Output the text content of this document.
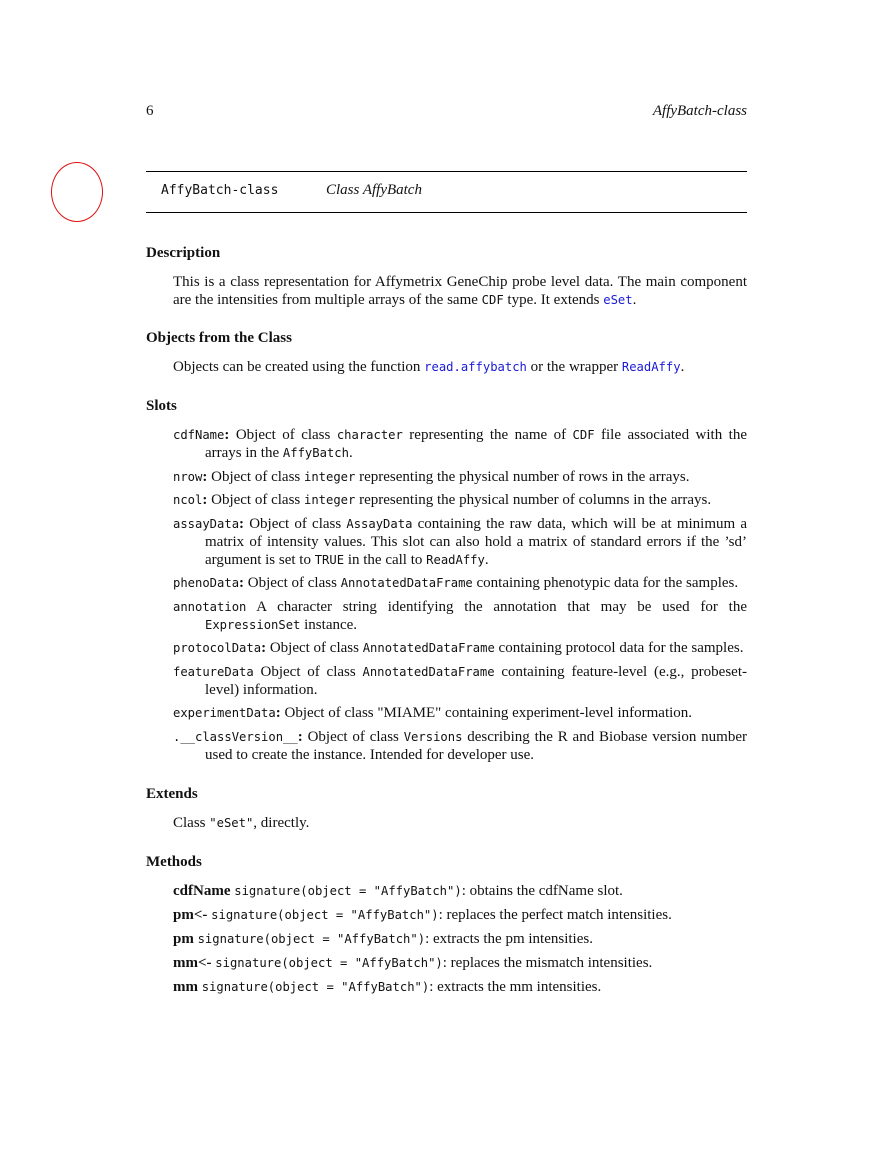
6	AffyBatch-class
AffyBatch-class	Class AffyBatch
Description
This is a class representation for Affymetrix GeneChip probe level data. The main component are the intensities from multiple arrays of the same CDF type. It extends eSet.
Objects from the Class
Objects can be created using the function read.affybatch or the wrapper ReadAffy.
Slots
cdfName: Object of class character representing the name of CDF file associated with the arrays in the AffyBatch.
nrow: Object of class integer representing the physical number of rows in the arrays.
ncol: Object of class integer representing the physical number of columns in the arrays.
assayData: Object of class AssayData containing the raw data, which will be at minimum a matrix of intensity values. This slot can also hold a matrix of standard errors if the ’sd’ argument is set to TRUE in the call to ReadAffy.
phenoData: Object of class AnnotatedDataFrame containing phenotypic data for the samples.
annotation A character string identifying the annotation that may be used for the ExpressionSet instance.
protocolData: Object of class AnnotatedDataFrame containing protocol data for the samples.
featureData Object of class AnnotatedDataFrame containing feature-level (e.g., probeset-level) information.
experimentData: Object of class "MIAME" containing experiment-level information.
.__classVersion__: Object of class Versions describing the R and Biobase version number used to create the instance. Intended for developer use.
Extends
Class "eSet", directly.
Methods
cdfName signature(object = "AffyBatch"): obtains the cdfName slot.
pm<- signature(object = "AffyBatch"): replaces the perfect match intensities.
pm signature(object = "AffyBatch"): extracts the pm intensities.
mm<- signature(object = "AffyBatch"): replaces the mismatch intensities.
mm signature(object = "AffyBatch"): extracts the mm intensities.
